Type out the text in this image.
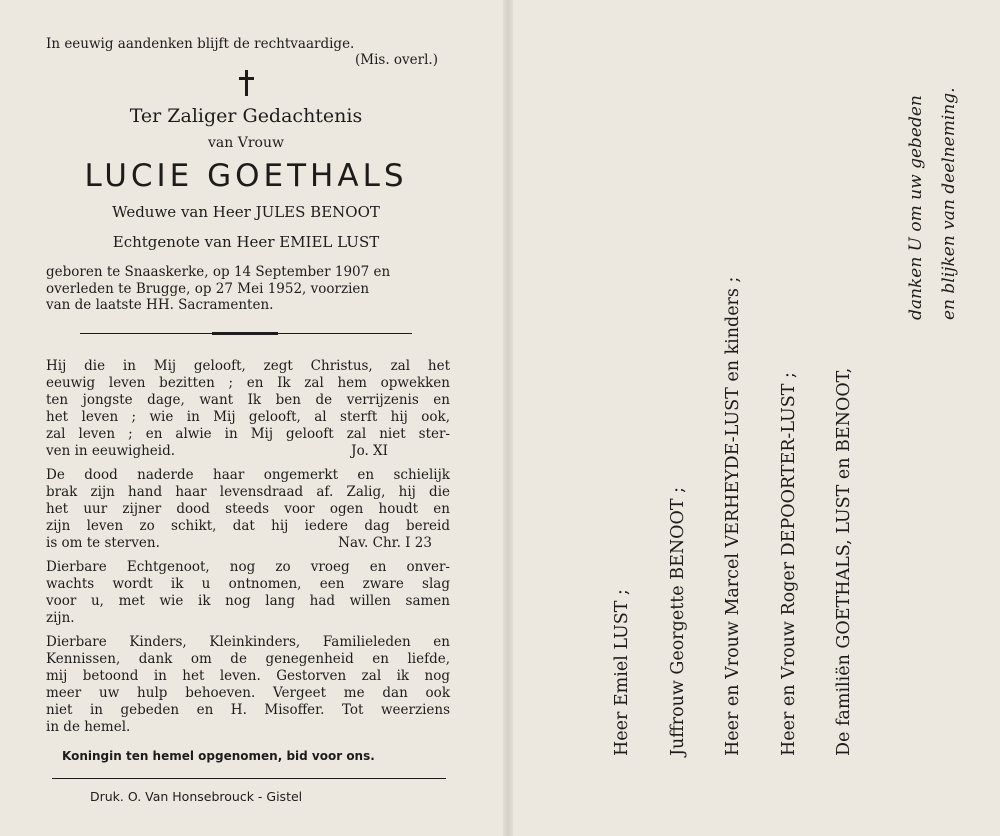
In eeuwig aandenken blijft de rechtvaardige.
(Mis. overl.)
Ter Zaliger Gedachtenis
van Vrouw
LUCIE GOETHALS
Weduwe van Heer JULES BENOOT
Echtgenote van Heer EMIEL LUST
geboren te Snaaskerke, op 14 September 1907 en
overleden te Brugge, op 27 Mei 1952, voorzien
van de laatste HH. Sacramenten.
Hij die in Mij gelooft, zegt Christus, zal het
eeuwig leven bezitten ; en Ik zal hem opwekken
ten jongste dage, want Ik ben de verrijzenis en
het leven ; wie in Mij gelooft, al sterft hij ook,
zal leven ; en alwie in Mij gelooft zal niet ster-
ven in eeuwigheid.	Jo. XI
De dood naderde haar ongemerkt en schielijk
brak zijn hand haar levensdraad af. Zalig, hij die
het uur zijner dood steeds voor ogen houdt en
zijn leven zo schikt, dat hij iedere dag bereid
is om te sterven.	Nav. Chr. I 23
Dierbare Echtgenoot, nog zo vroeg en onver-
wachts wordt ik u ontnomen, een zware slag
voor u, met wie ik nog lang had willen samen
zijn.
Dierbare Kinders, Kleinkinders, Familieleden en
Kennissen, dank om de genegenheid en liefde,
mij betoond in het leven. Gestorven zal ik nog
meer uw hulp behoeven. Vergeet me dan ook
niet in gebeden en H. Misoffer. Tot weerziens
in de hemel.
Koningin ten hemel opgenomen, bid voor ons.
Druk. O. Van Honsebrouck - Gistel
Heer Emiel LUST ; Juffrouw Georgette BENOOT ; Heer en Vrouw Marcel VERHEYDE-LUST en kinders ; Heer en Vrouw Roger DEPOORTER-LUST ; De familiën GOETHALS, LUST en BENOOT,
danken U om uw gebeden en blijken van deelneming.
